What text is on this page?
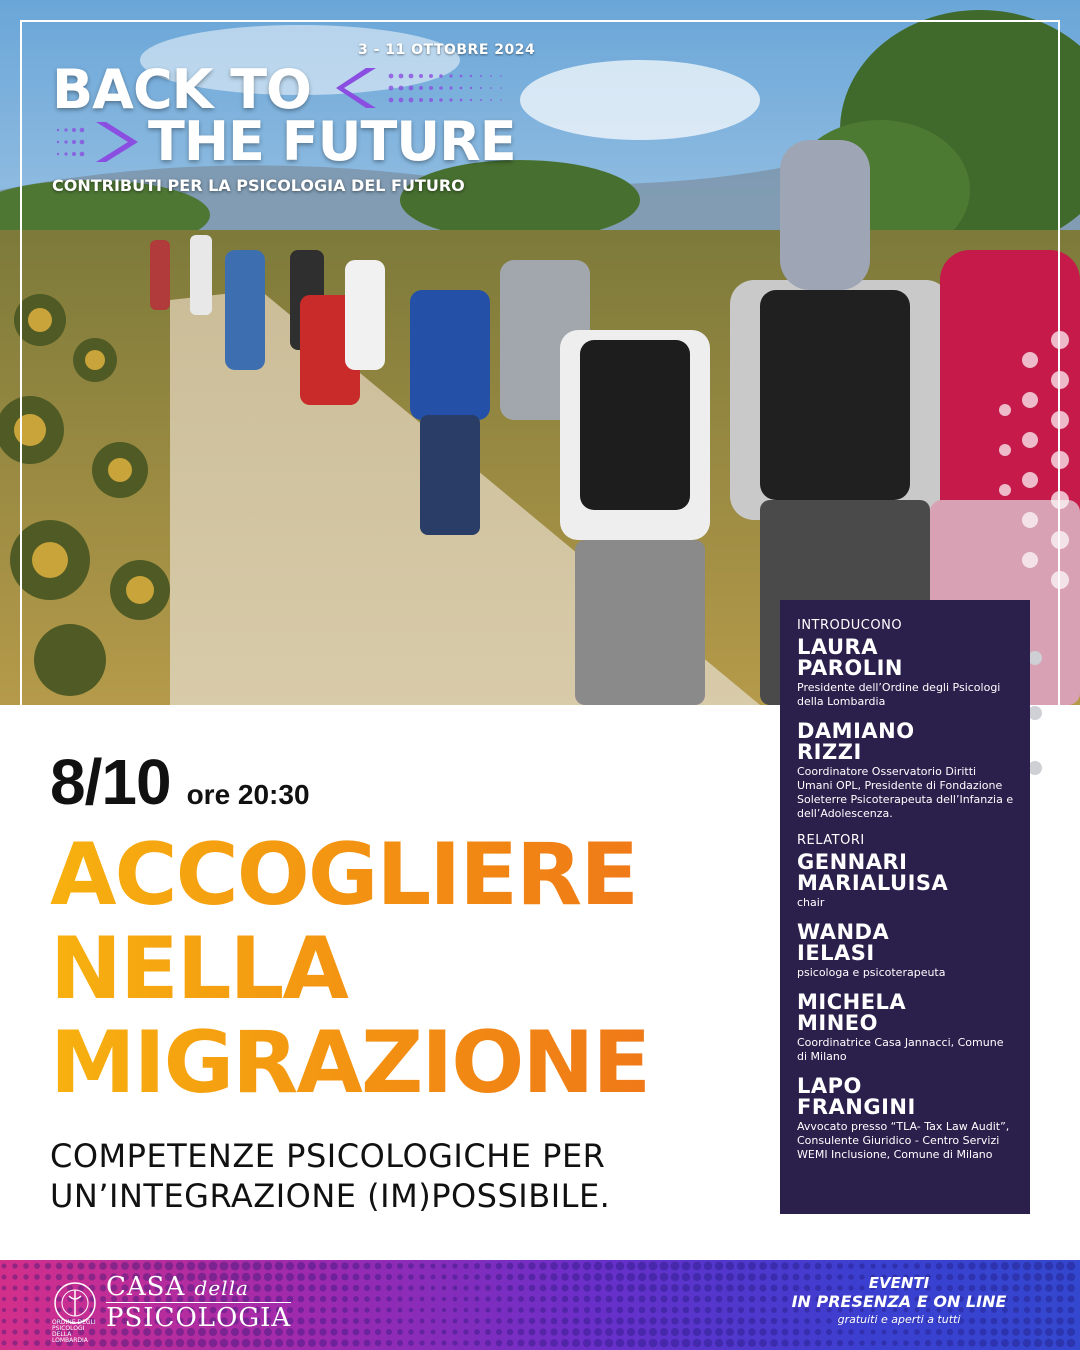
3 - 11 OTTOBRE 2024
BACK TO
THE FUTURE
CONTRIBUTI PER LA PSICOLOGIA DEL FUTURO
8/10 ore 20:30
ACCOGLIERE
NELLA
MIGRAZIONE
COMPETENZE PSICOLOGICHE PER
UN’INTEGRAZIONE (IM)POSSIBILE.
INTRODUCONO
LAURA
PAROLIN
Presidente dell’Ordine degli Psicologi della Lombardia
DAMIANO
RIZZI
Coordinatore Osservatorio Diritti Umani OPL, Presidente di Fondazione Soleterre Psicoterapeuta dell’Infanzia e dell’Adolescenza.
RELATORI
GENNARI
MARIALUISA
chair
WANDA
IELASI
psicologa e psicoterapeuta
MICHELA
MINEO
Coordinatrice Casa Jannacci, Comune di Milano
LAPO
FRANGINI
Avvocato presso “TLA- Tax Law Audit”, Consulente Giuridico - Centro Servizi WEMI Inclusione, Comune di Milano
ORDINE DEGLI PSICOLOGI DELLA LOMBARDIA
CASA della
PSICOLOGIA
EVENTI
IN PRESENZA E ON LINE
gratuiti e aperti a tutti
